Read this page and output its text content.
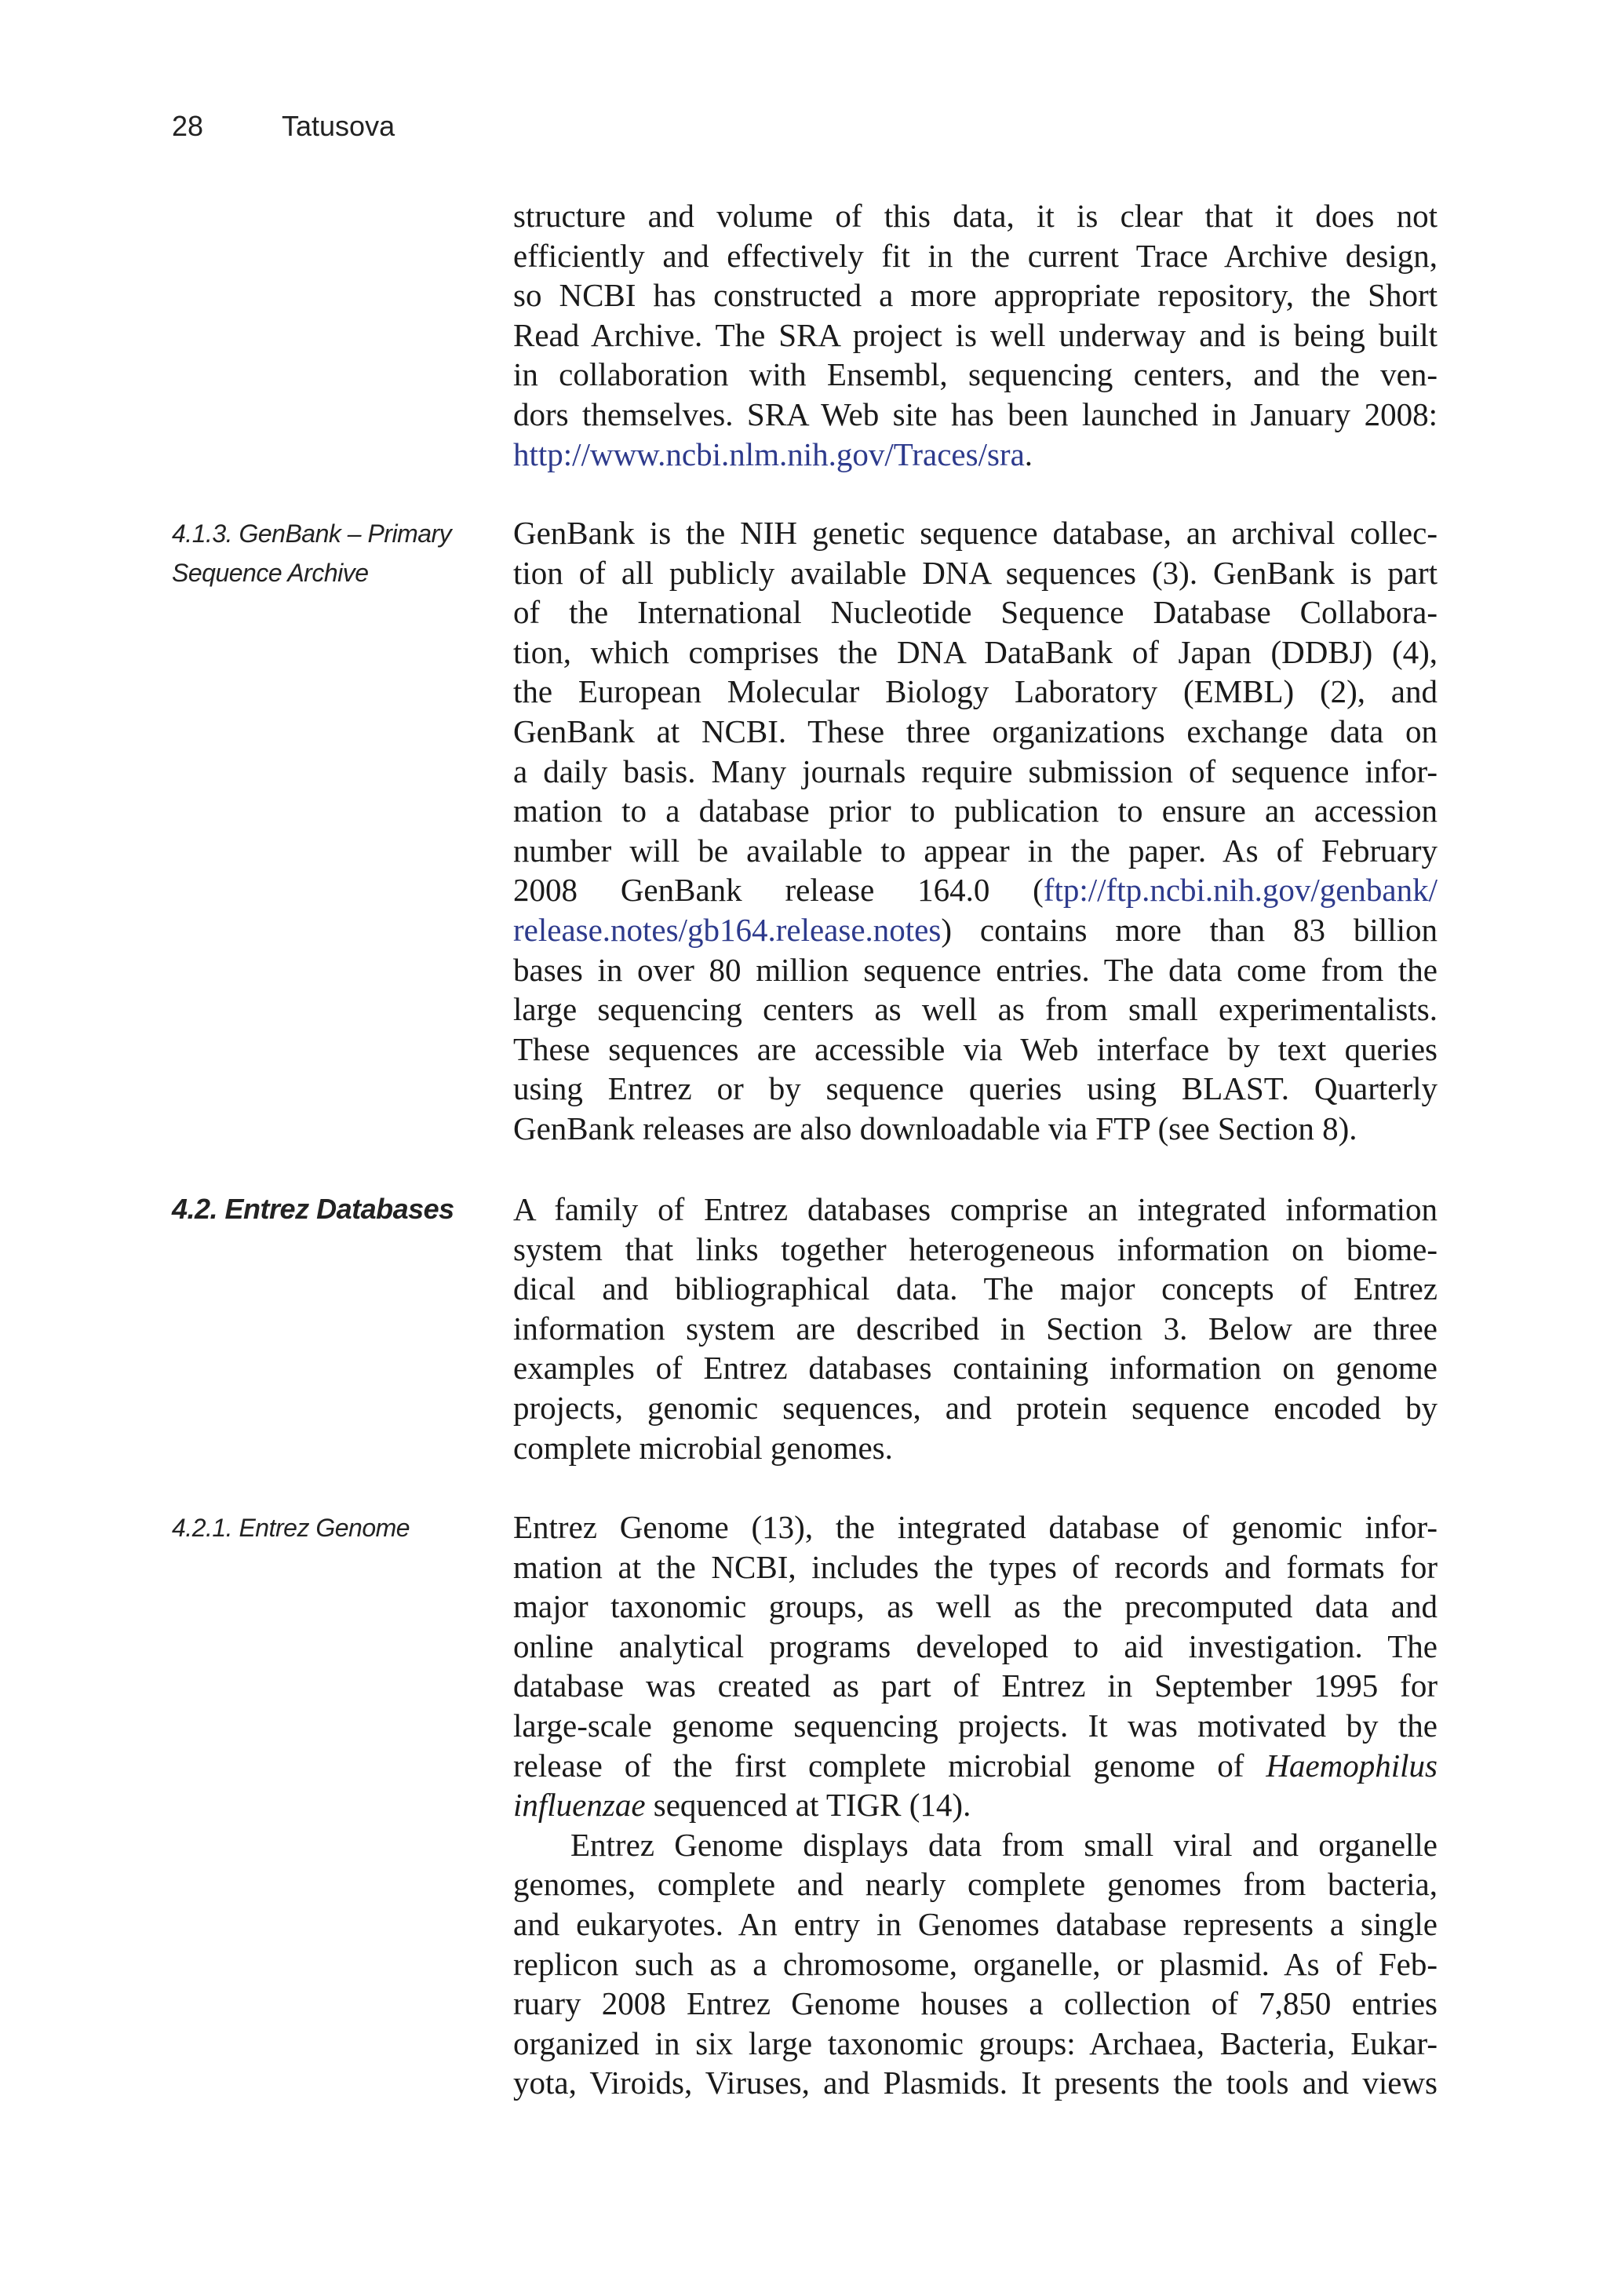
28	Tatusova
structure and volume of this data, it is clear that it does not
efficiently and effectively fit in the current Trace Archive design,
so NCBI has constructed a more appropriate repository, the Short
Read Archive. The SRA project is well underway and is being built
in collaboration with Ensembl, sequencing centers, and the ven-
dors themselves. SRA Web site has been launched in January 2008:
http://www.ncbi.nlm.nih.gov/Traces/sra.
4.1.3. GenBank – Primary
Sequence Archive
GenBank is the NIH genetic sequence database, an archival collec-
tion of all publicly available DNA sequences (3). GenBank is part
of the International Nucleotide Sequence Database Collabora-
tion, which comprises the DNA DataBank of Japan (DDBJ) (4),
the European Molecular Biology Laboratory (EMBL) (2), and
GenBank at NCBI. These three organizations exchange data on
a daily basis. Many journals require submission of sequence infor-
mation to a database prior to publication to ensure an accession
number will be available to appear in the paper. As of February
2008 GenBank release 164.0 (ftp://ftp.ncbi.nih.gov/genbank/
release.notes/gb164.release.notes) contains more than 83 billion
bases in over 80 million sequence entries. The data come from the
large sequencing centers as well as from small experimentalists.
These sequences are accessible via Web interface by text queries
using Entrez or by sequence queries using BLAST. Quarterly
GenBank releases are also downloadable via FTP (see Section 8).
4.2. Entrez Databases	A family of Entrez databases comprise an integrated information
system that links together heterogeneous information on biome-
dical and bibliographical data. The major concepts of Entrez
information system are described in Section 3. Below are three
examples of Entrez databases containing information on genome
projects, genomic sequences, and protein sequence encoded by
complete microbial genomes.
4.2.1. Entrez Genome	Entrez Genome (13), the integrated database of genomic infor-
mation at the NCBI, includes the types of records and formats for
major taxonomic groups, as well as the precomputed data and
online analytical programs developed to aid investigation. The
database was created as part of Entrez in September 1995 for
large-scale genome sequencing projects. It was motivated by the
release of the first complete microbial genome of Haemophilus
influenzae sequenced at TIGR (14).
Entrez Genome displays data from small viral and organelle
genomes, complete and nearly complete genomes from bacteria,
and eukaryotes. An entry in Genomes database represents a single
replicon such as a chromosome, organelle, or plasmid. As of Feb-
ruary 2008 Entrez Genome houses a collection of 7,850 entries
organized in six large taxonomic groups: Archaea, Bacteria, Eukar-
yota, Viroids, Viruses, and Plasmids. It presents the tools and views
